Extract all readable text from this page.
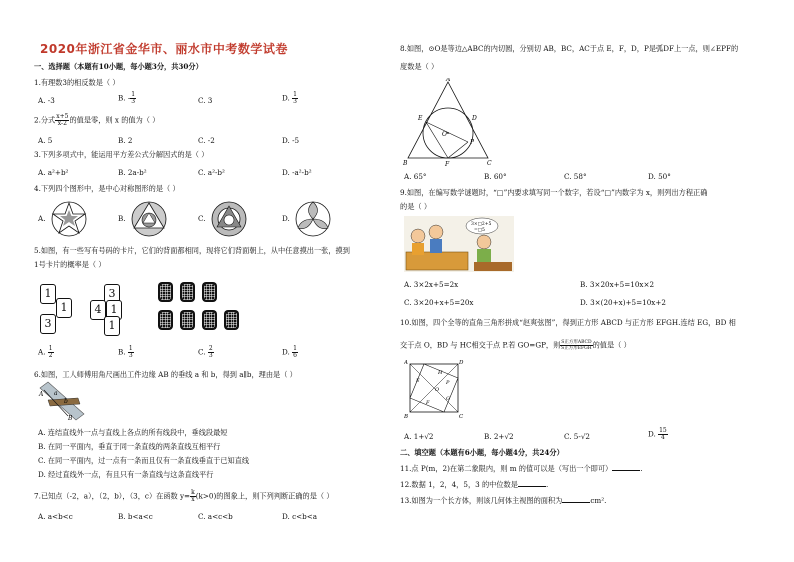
2020年浙江省金华市、丽水市中考数学试卷
一、选择题（本题有10小题，每小题3分，共30分）
1.有理数3的相反数是（ ）
A. -3	B. - $\frac{1}{3}$	C. 3	D. $\frac{1}{3}$
2.分式 $\frac{x+5}{x-2}$ 的值是零，则 x 的值为（ ）
A. 5	B. 2	C. -2	D. -5
3.下列多项式中，能运用平方差公式分解因式的是（ ）
A. a²+b²	B. 2a-b²	C. a²-b²	D. -a²-b²
4.下列四个图形中，是中心对称图形的是（ ）
A.	B.	C.	D.
5.如图，有一些写有号码的卡片，它们的背面都相同，现将它们背面朝上，从中任意摸出一张，摸到
1号卡片的概率是（ ）
1
1
3
3
4 1
1
A. $\frac{1}{2}$	B. $\frac{1}{3}$	C. $\frac{2}{3}$	D. $\frac{1}{6}$
6.如图，工人师傅用角尺画出工件边缘 AB 的垂线 a 和 b，得到 a∥b，理由是（ ）
a
b
A
B
A. 连结直线外一点与直线上各点的所有线段中，垂线段最短
B. 在同一平面内，垂直于同一条直线的两条直线互相平行
C. 在同一平面内，过一点有一条而且仅有一条直线垂直于已知直线
D. 经过直线外一点，有且只有一条直线与这条直线平行
7.已知点（-2，a），（2，b），（3，c）在函数 $y= \frac{k}{x} (k>0)$的图象上，则下列判断正确的是（ ）
A. a<b<c	B. b<a<c	C. a<c<b	D. c<b<a
8.如图，⊙O是等边△ABC的内切圆，分别切 AB，BC，AC于点 E，F，D，P是弧DF上一点，则∠EPF的
度数是（ ）
A
B	C
D
E
F
O
P
A. 65°	B. 60°	C. 58°	D. 50°
9.如图，在编写数学谜题时，“□”内要求填写同一个数字，若设“□”内数字为 x，则列出方程正确
的是（ ）
3×□2+5
=□5
A. 3×2x+5=2x	B. 3×20x+5=10x×2
C. 3×20+x+5=20x	D. 3×(20+x)+5=10x+2
10.如图，四个全等的直角三角形拼成“赵爽弦图”，得到正方形 ABCD 与正方形 EFGH.连结 EG，BD 相
交于点 O，BD 与 HC相交于点 P.若 GO=GP，则 $\frac{\text{S正方形ABCD}}{\text{S正方形EFGH}}$ 的值是（ ）
A
B	C
D
E
F
G
H
O
P
A. 1+√2	B. 2+√2	C. 5-√2	D. $\frac{15}{4}$
二、填空题（本题有6小题，每小题4分，共24分）
11.点 P(m，2)在第二象限内，则 m 的值可以是（写出一个即可）	.
12.数据 1，2，4，5，3 的中位数是	.
13.如图为一个长方体，则该几何体主视图的面积为	cm².
